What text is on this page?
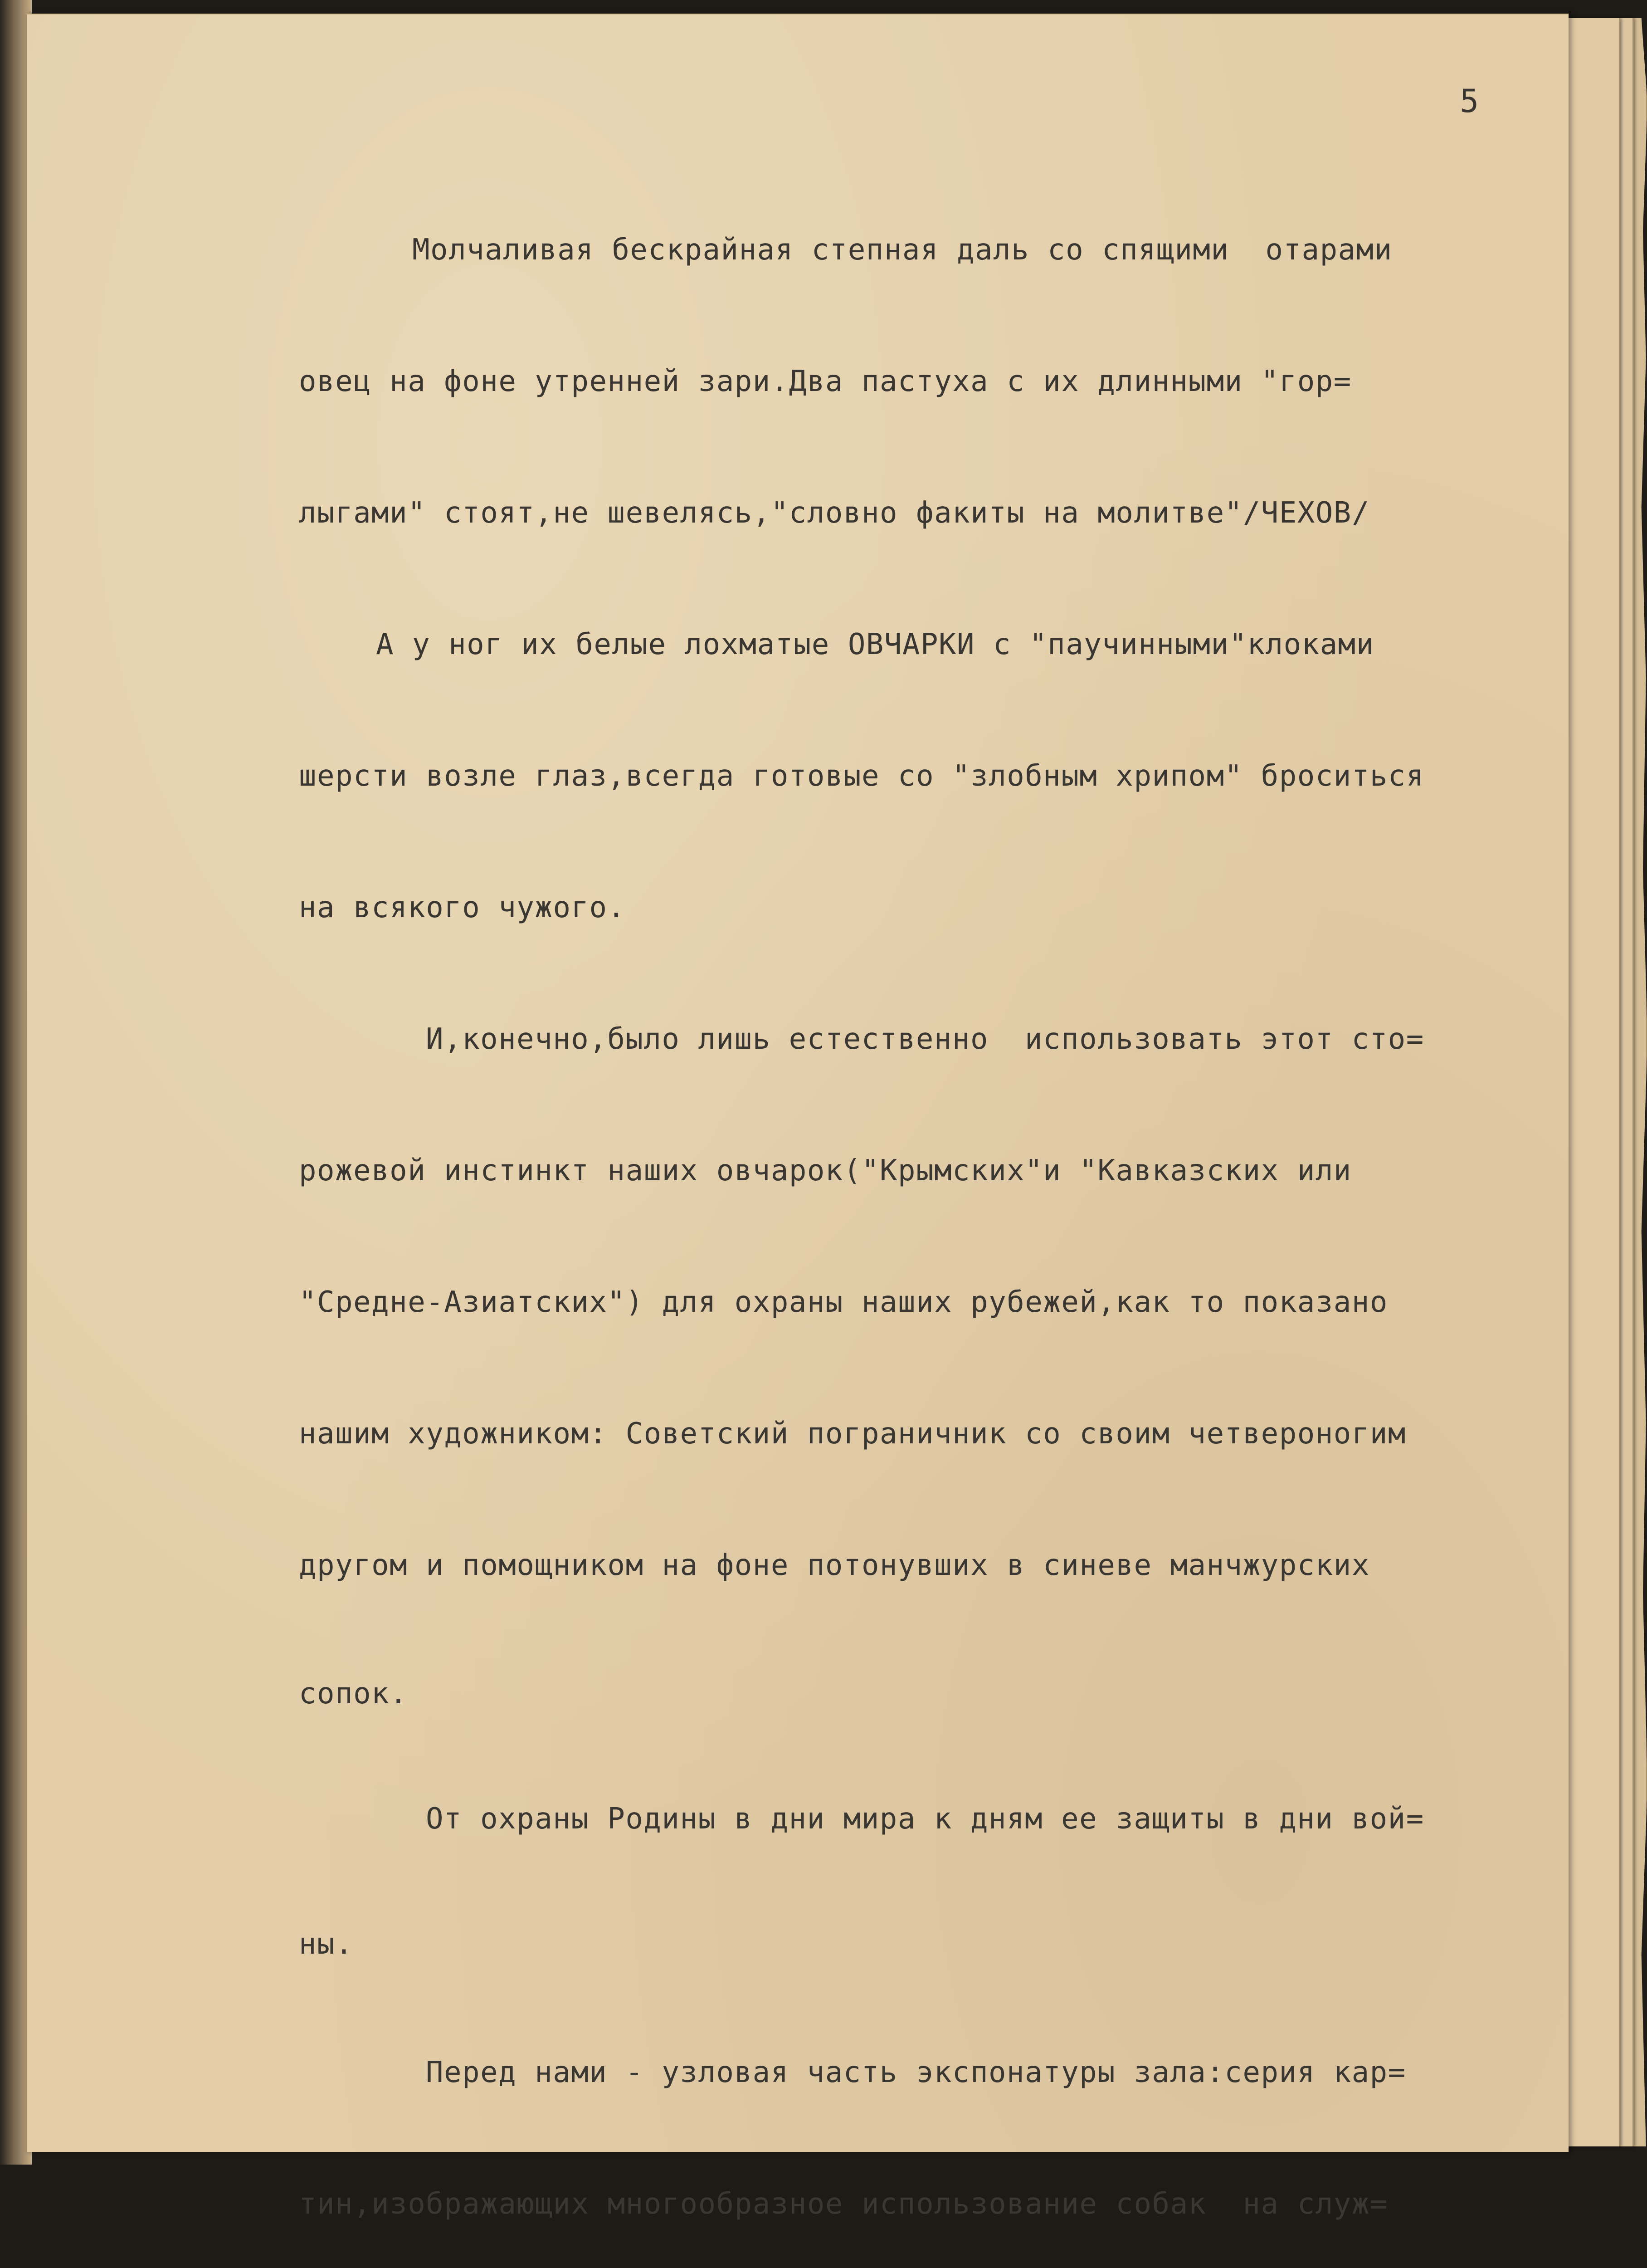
5

Молчаливая бескрайная степная даль со спящими  отарами

овец на фоне утренней зари.Два пастуха с их длинными "гор=

лыгами" стоят,не шевелясь,"словно факиты на молитве"/ЧЕХОВ/

А у ног их белые лохматые ОВЧАРКИ с "паучинными"клоками

шерсти возле глаз,всегда готовые со "злобным хрипом" броситься

на всякого чужого.

И,конечно,было лишь естественно  использовать этот сто=

рожевой инстинкт наших овчарок("Крымских"и "Кавказских или

"Средне-Азиатских") для охраны наших рубежей,как то показано

нашим художником: Советский пограничник со своим четвероногим

другом и помощником на фоне потонувших в синеве манчжурских

сопок.

От охраны Родины в дни мира к дням ее защиты в дни вой=

ны.

Перед нами - узловая часть экспонатуры зала:серия кар=

тин,изображающих многообразное использование собак  на служ=
